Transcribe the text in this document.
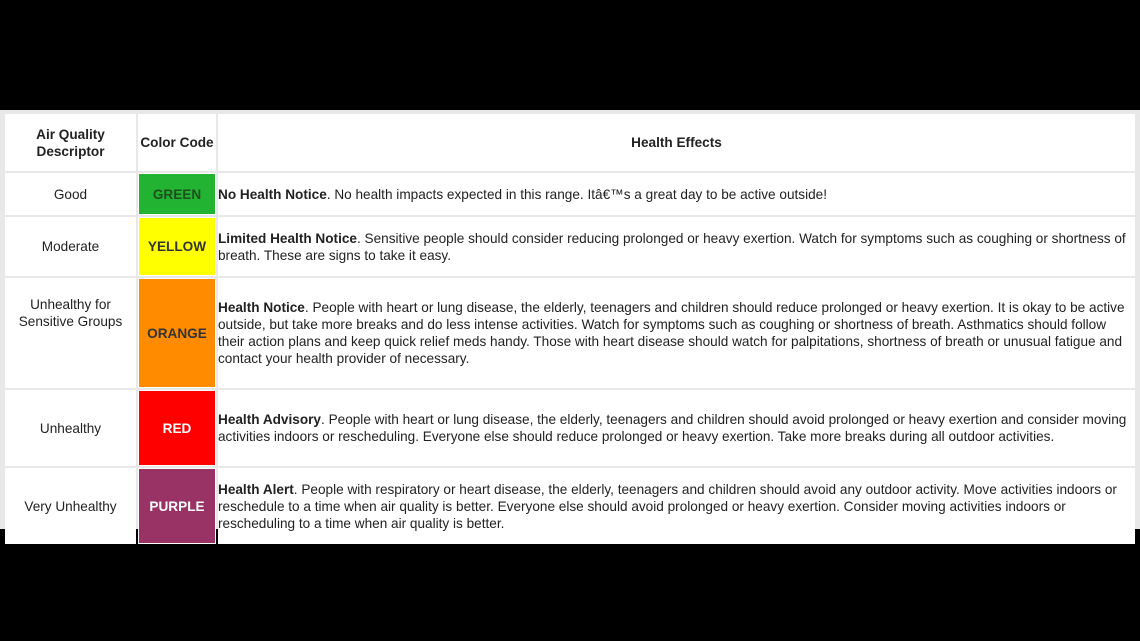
Air Quality Descriptor	Color Code	Health Effects
Good	GREEN	No Health Notice. No health impacts expected in this range. Itâ€™s a great day to be active outside!
Moderate	YELLOW	Limited Health Notice. Sensitive people should consider reducing prolonged or heavy exertion. Watch for symptoms such as coughing or shortness of breath. These are signs to take it easy.
Unhealthy for Sensitive Groups	ORANGE	Health Notice. People with heart or lung disease, the elderly, teenagers and children should reduce prolonged or heavy exertion. It is okay to be active outside, but take more breaks and do less intense activities. Watch for symptoms such as coughing or shortness of breath. Asthmatics should follow their action plans and keep quick relief meds handy. Those with heart disease should watch for palpitations, shortness of breath or unusual fatigue and contact your health provider of necessary.
Unhealthy	RED	Health Advisory. People with heart or lung disease, the elderly, teenagers and children should avoid prolonged or heavy exertion and consider moving activities indoors or rescheduling. Everyone else should reduce prolonged or heavy exertion. Take more breaks during all outdoor activities.
Very Unhealthy	PURPLE	Health Alert. People with respiratory or heart disease, the elderly, teenagers and children should avoid any outdoor activity. Move activities indoors or reschedule to a time when air quality is better. Everyone else should avoid prolonged or heavy exertion. Consider moving activities indoors or rescheduling to a time when air quality is better.
